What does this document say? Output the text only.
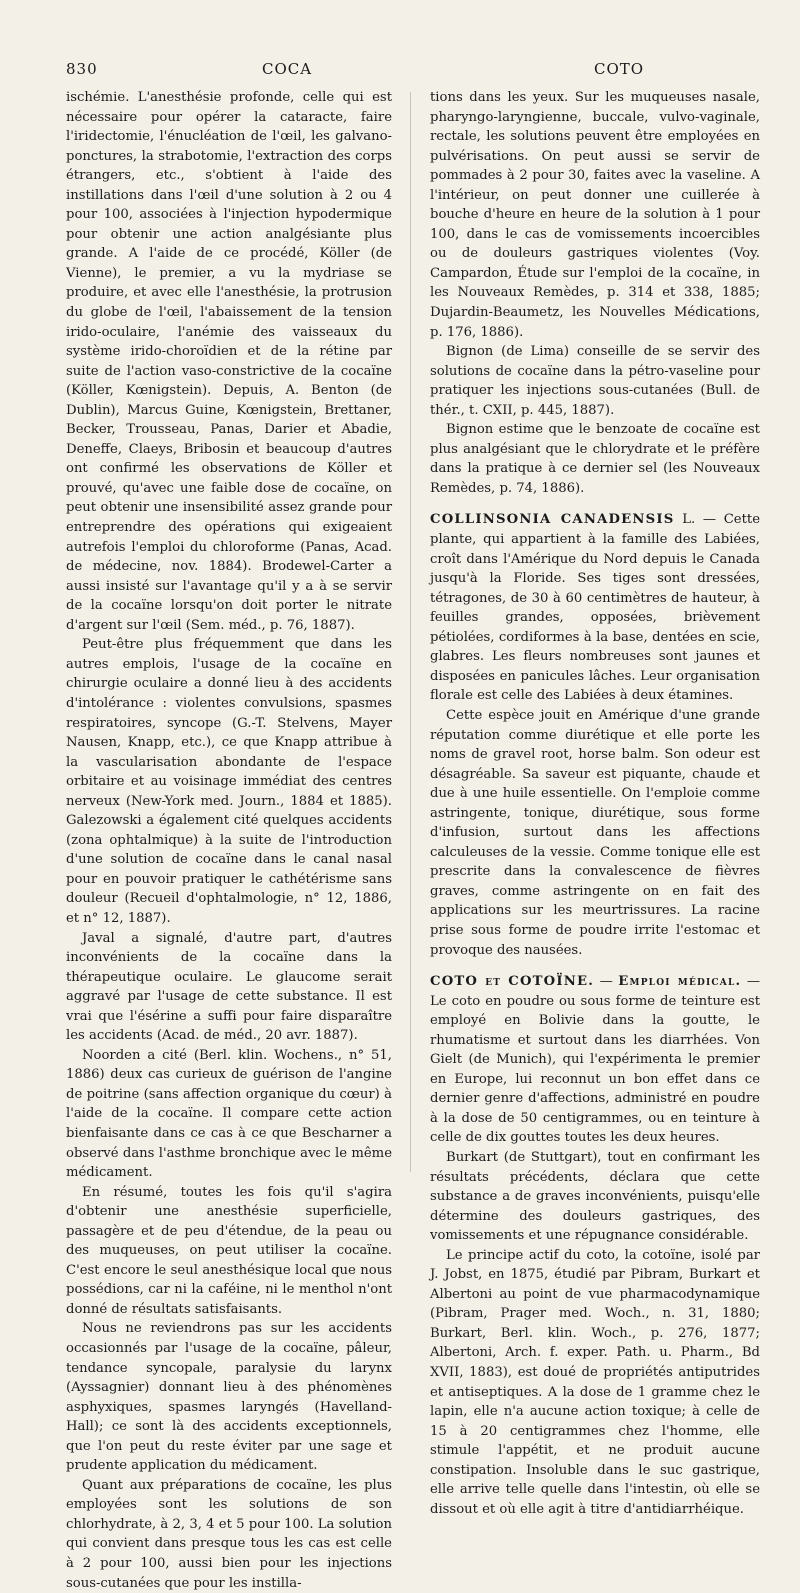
830	COCA	COTO

ischémie. L'anesthésie profonde, celle qui est nécessaire pour opérer la cataracte, faire l'iridectomie, l'énucléation de l'œil, les galvano-ponctures, la strabotomie, l'extraction des corps étrangers, etc., s'obtient à l'aide des instillations dans l'œil d'une solution à 2 ou 4 pour 100, associées à l'injection hypodermique pour obtenir une action analgésiante plus grande. A l'aide de ce procédé, Köller (de Vienne), le premier, a vu la mydriase se produire, et avec elle l'anesthésie, la protrusion du globe de l'œil, l'abaissement de la tension irido-oculaire, l'anémie des vaisseaux du système irido-choroïdien et de la rétine par suite de l'action vaso-constrictive de la cocaïne (Köller, Kœnigstein). Depuis, A. Benton (de Dublin), Marcus Guine, Kœnigstein, Brettaner, Becker, Trousseau, Panas, Darier et Abadie, Deneffe, Claeys, Bribosin et beaucoup d'autres ont confirmé les observations de Köller et prouvé, qu'avec une faible dose de cocaïne, on peut obtenir une insensibilité assez grande pour entreprendre des opérations qui exigeaient autrefois l'emploi du chloroforme (Panas, Acad. de médecine, nov. 1884). Brodewel-Carter a aussi insisté sur l'avantage qu'il y a à se servir de la cocaïne lorsqu'on doit porter le nitrate d'argent sur l'œil (Sem. méd., p. 76, 1887).

Peut-être plus fréquemment que dans les autres emplois, l'usage de la cocaïne en chirurgie oculaire a donné lieu à des accidents d'intolérance : violentes convulsions, spasmes respiratoires, syncope (G.-T. Stelvens, Mayer Nausen, Knapp, etc.), ce que Knapp attribue à la vascularisation abondante de l'espace orbitaire et au voisinage immédiat des centres nerveux (New-York med. Journ., 1884 et 1885). Galezowski a également cité quelques accidents (zona ophtalmique) à la suite de l'introduction d'une solution de cocaïne dans le canal nasal pour en pouvoir pratiquer le cathétérisme sans douleur (Recueil d'ophtalmologie, n° 12, 1886, et n° 12, 1887).

Javal a signalé, d'autre part, d'autres inconvénients de la cocaïne dans la thérapeutique oculaire. Le glaucome serait aggravé par l'usage de cette substance. Il est vrai que l'ésérine a suffi pour faire disparaître les accidents (Acad. de méd., 20 avr. 1887).

Noorden a cité (Berl. klin. Wochens., n° 51, 1886) deux cas curieux de guérison de l'angine de poitrine (sans affection organique du cœur) à l'aide de la cocaïne. Il compare cette action bienfaisante dans ce cas à ce que Bescharner a observé dans l'asthme bronchique avec le même médicament.

En résumé, toutes les fois qu'il s'agira d'obtenir une anesthésie superficielle, passagère et de peu d'étendue, de la peau ou des muqueuses, on peut utiliser la cocaïne. C'est encore le seul anesthésique local que nous possédions, car ni la caféine, ni le menthol n'ont donné de résultats satisfaisants.

Nous ne reviendrons pas sur les accidents occasionnés par l'usage de la cocaïne, pâleur, tendance syncopale, paralysie du larynx (Ayssagnier) donnant lieu à des phénomènes asphyxiques, spasmes laryngés (Havelland-Hall); ce sont là des accidents exceptionnels, que l'on peut du reste éviter par une sage et prudente application du médicament.

Quant aux préparations de cocaïne, les plus employées sont les solutions de son chlorhydrate, à 2, 3, 4 et 5 pour 100. La solution qui convient dans presque tous les cas est celle à 2 pour 100, aussi bien pour les injections sous-cutanées que pour les instilla-

tions dans les yeux. Sur les muqueuses nasale, pharyngo-laryngienne, buccale, vulvo-vaginale, rectale, les solutions peuvent être employées en pulvérisations. On peut aussi se servir de pommades à 2 pour 30, faites avec la vaseline. A l'intérieur, on peut donner une cuillerée à bouche d'heure en heure de la solution à 1 pour 100, dans le cas de vomissements incoercibles ou de douleurs gastriques violentes (Voy. Campardon, Étude sur l'emploi de la cocaïne, in les Nouveaux Remèdes, p. 314 et 338, 1885; Dujardin-Beaumetz, les Nouvelles Médications, p. 176, 1886).

Bignon (de Lima) conseille de se servir des solutions de cocaïne dans la pétro-vaseline pour pratiquer les injections sous-cutanées (Bull. de thér., t. CXII, p. 445, 1887).

Bignon estime que le benzoate de cocaïne est plus analgésiant que le chlorydrate et le préfère dans la pratique à ce dernier sel (les Nouveaux Remèdes, p. 74, 1886).

COLLINSONIA CANADENSIS L. — Cette plante, qui appartient à la famille des Labiées, croît dans l'Amérique du Nord depuis le Canada jusqu'à la Floride. Ses tiges sont dressées, tétragones, de 30 à 60 centimètres de hauteur, à feuilles grandes, opposées, brièvement pétiolées, cordiformes à la base, dentées en scie, glabres. Les fleurs nombreuses sont jaunes et disposées en panicules lâches. Leur organisation florale est celle des Labiées à deux étamines.

Cette espèce jouit en Amérique d'une grande réputation comme diurétique et elle porte les noms de gravel root, horse balm. Son odeur est désagréable. Sa saveur est piquante, chaude et due à une huile essentielle. On l'emploie comme astringente, tonique, diurétique, sous forme d'infusion, surtout dans les affections calculeuses de la vessie. Comme tonique elle est prescrite dans la convalescence de fièvres graves, comme astringente on en fait des applications sur les meurtrissures. La racine prise sous forme de poudre irrite l'estomac et provoque des nausées.

COTO et COTOÏNE. — Emploi médical. — Le coto en poudre ou sous forme de teinture est employé en Bolivie dans la goutte, le rhumatisme et surtout dans les diarrhées. Von Gielt (de Munich), qui l'expérimenta le premier en Europe, lui reconnut un bon effet dans ce dernier genre d'affections, administré en poudre à la dose de 50 centigrammes, ou en teinture à celle de dix gouttes toutes les deux heures.

Burkart (de Stuttgart), tout en confirmant les résultats précédents, déclara que cette substance a de graves inconvénients, puisqu'elle détermine des douleurs gastriques, des vomissements et une répugnance considérable.

Le principe actif du coto, la cotoïne, isolé par J. Jobst, en 1875, étudié par Pibram, Burkart et Albertoni au point de vue pharmacodynamique (Pibram, Prager med. Woch., n. 31, 1880; Burkart, Berl. klin. Woch., p. 276, 1877; Albertoni, Arch. f. exper. Path. u. Pharm., Bd XVII, 1883), est doué de propriétés antiputrides et antiseptiques. A la dose de 1 gramme chez le lapin, elle n'a aucune action toxique; à celle de 15 à 20 centigrammes chez l'homme, elle stimule l'appétit, et ne produit aucune constipation. Insoluble dans le suc gastrique, elle arrive telle quelle dans l'intestin, où elle se dissout et où elle agit à titre d'antidiarrhéique.
